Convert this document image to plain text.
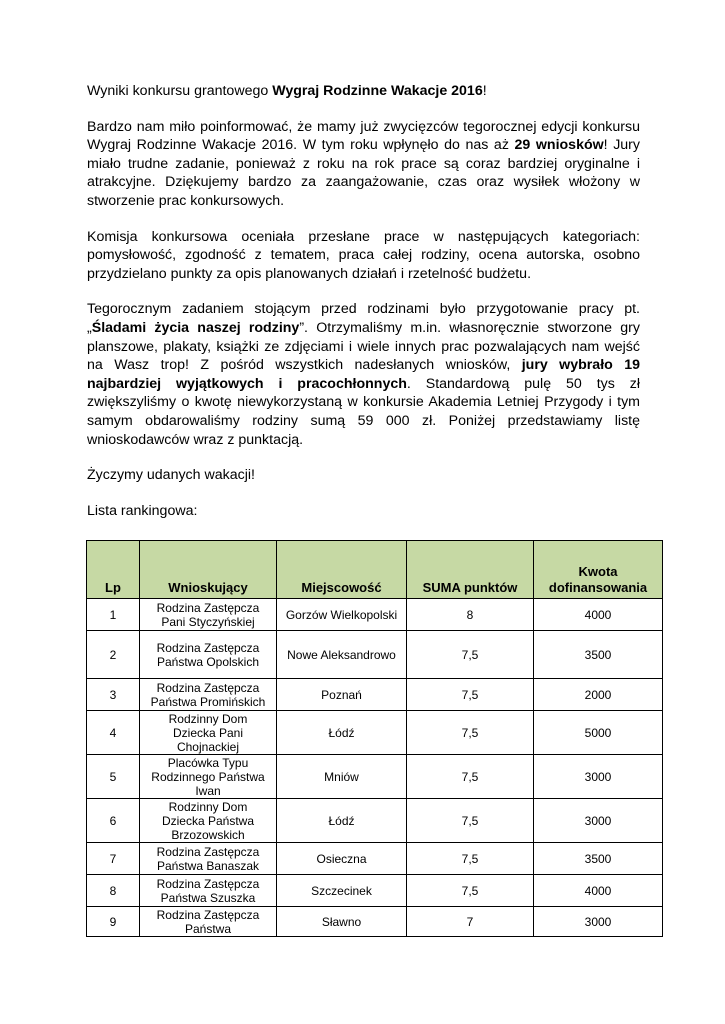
Wyniki konkursu grantowego Wygraj Rodzinne Wakacje 2016!

Bardzo nam miło poinformować, że mamy już zwycięzców tegorocznej edycji konkursu Wygraj Rodzinne Wakacje 2016. W tym roku wpłynęło do nas aż 29 wniosków! Jury miało trudne zadanie, ponieważ z roku na rok prace są coraz bardziej oryginalne i atrakcyjne. Dziękujemy bardzo za zaangażowanie, czas oraz wysiłek włożony w stworzenie prac konkursowych.

Komisja konkursowa oceniała przesłane prace w następujących kategoriach: pomysłowość, zgodność z tematem, praca całej rodziny, ocena autorska, osobno przydzielano punkty za opis planowanych działań i rzetelność budżetu.

Tegorocznym zadaniem stojącym przed rodzinami było przygotowanie pracy pt. „Śladami życia naszej rodziny”. Otrzymaliśmy m.in. własnoręcznie stworzone gry planszowe, plakaty, książki ze zdjęciami i wiele innych prac pozwalających nam wejść na Wasz trop! Z pośród wszystkich nadesłanych wniosków, jury wybrało 19 najbardziej wyjątkowych i pracochłonnych. Standardową pulę 50 tys zł zwiększyliśmy o kwotę niewykorzystaną w konkursie Akademia Letniej Przygody i tym samym obdarowaliśmy rodziny sumą 59 000 zł. Poniżej przedstawiamy listę wnioskodawców wraz z punktacją.

Życzymy udanych wakacji!

Lista rankingowa:

Lp	Wnioskujący	Miejscowość	SUMA punktów	Kwota
dofinansowania
1	Rodzina Zastępcza
Pani Styczyńskiej	Gorzów Wielkopolski	8	4000
2	Rodzina Zastępcza
Państwa Opolskich	Nowe Aleksandrowo	7,5	3500
3	Rodzina Zastępcza
Państwa Promińskich	Poznań	7,5	2000
4	Rodzinny Dom
Dziecka Pani
Chojnackiej	Łódź	7,5	5000
5	Placówka Typu
Rodzinnego Państwa
Iwan	Mniów	7,5	3000
6	Rodzinny Dom
Dziecka Państwa
Brzozowskich	Łódź	7,5	3000
7	Rodzina Zastępcza
Państwa Banaszak	Osieczna	7,5	3500
8	Rodzina Zastępcza
Państwa Szuszka	Szczecinek	7,5	4000
9	Rodzina Zastępcza
Państwa	Sławno	7	3000
